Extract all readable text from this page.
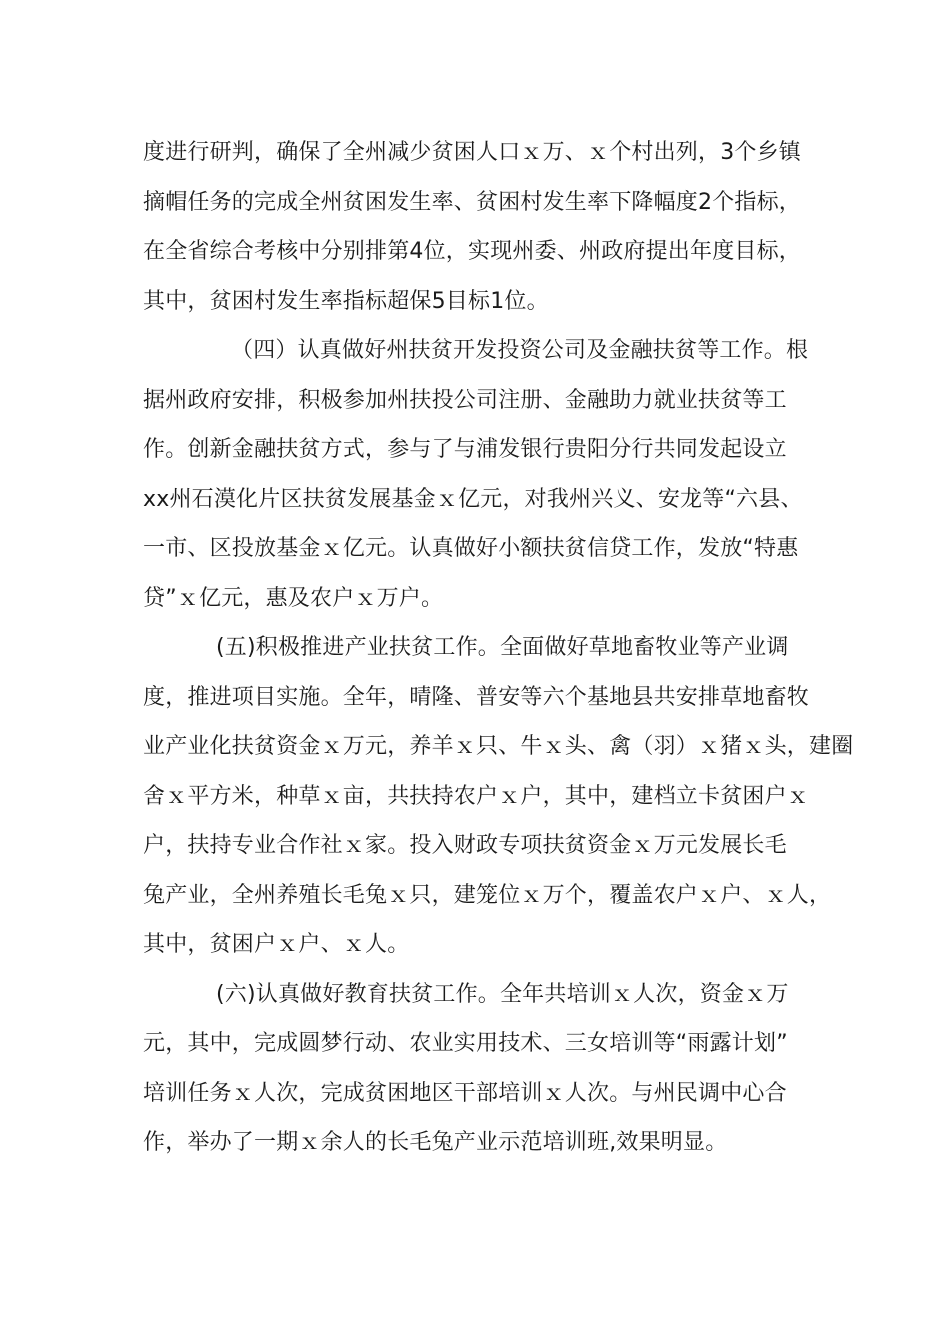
度进行研判，确保了全州减少贫困人口ｘ万、ｘ个村出列，3个乡镇
摘帽任务的完成全州贫困发生率、贫困村发生率下降幅度2个指标，
在全省综合考核中分别排第4位，实现州委、州政府提出年度目标，
其中，贫困村发生率指标超保5目标1位。
（四）认真做好州扶贫开发投资公司及金融扶贫等工作。根
据州政府安排，积极参加州扶投公司注册、金融助力就业扶贫等工
作。创新金融扶贫方式，参与了与浦发银行贵阳分行共同发起设立
xx州石漠化片区扶贫发展基金ｘ亿元，对我州兴义、安龙等“六县、
一市、区投放基金ｘ亿元。认真做好小额扶贫信贷工作，发放“特惠
贷”ｘ亿元，惠及农户ｘ万户。
(五)积极推进产业扶贫工作。全面做好草地畜牧业等产业调
度，推进项目实施。全年，晴隆、普安等六个基地县共安排草地畜牧
业产业化扶贫资金ｘ万元，养羊ｘ只、牛ｘ头、禽（羽）ｘ猪ｘ头，建圈
舍ｘ平方米，种草ｘ亩，共扶持农户ｘ户，其中，建档立卡贫困户ｘ
户，扶持专业合作社ｘ家。投入财政专项扶贫资金ｘ万元发展长毛
兔产业，全州养殖长毛兔ｘ只，建笼位ｘ万个，覆盖农户ｘ户、ｘ人，
其中，贫困户ｘ户、ｘ人。
(六)认真做好教育扶贫工作。全年共培训ｘ人次，资金ｘ万
元，其中，完成圆梦行动、农业实用技术、三女培训等“雨露计划”
培训任务ｘ人次，完成贫困地区干部培训ｘ人次。与州民调中心合
作，举办了一期ｘ余人的长毛兔产业示范培训班,效果明显。
